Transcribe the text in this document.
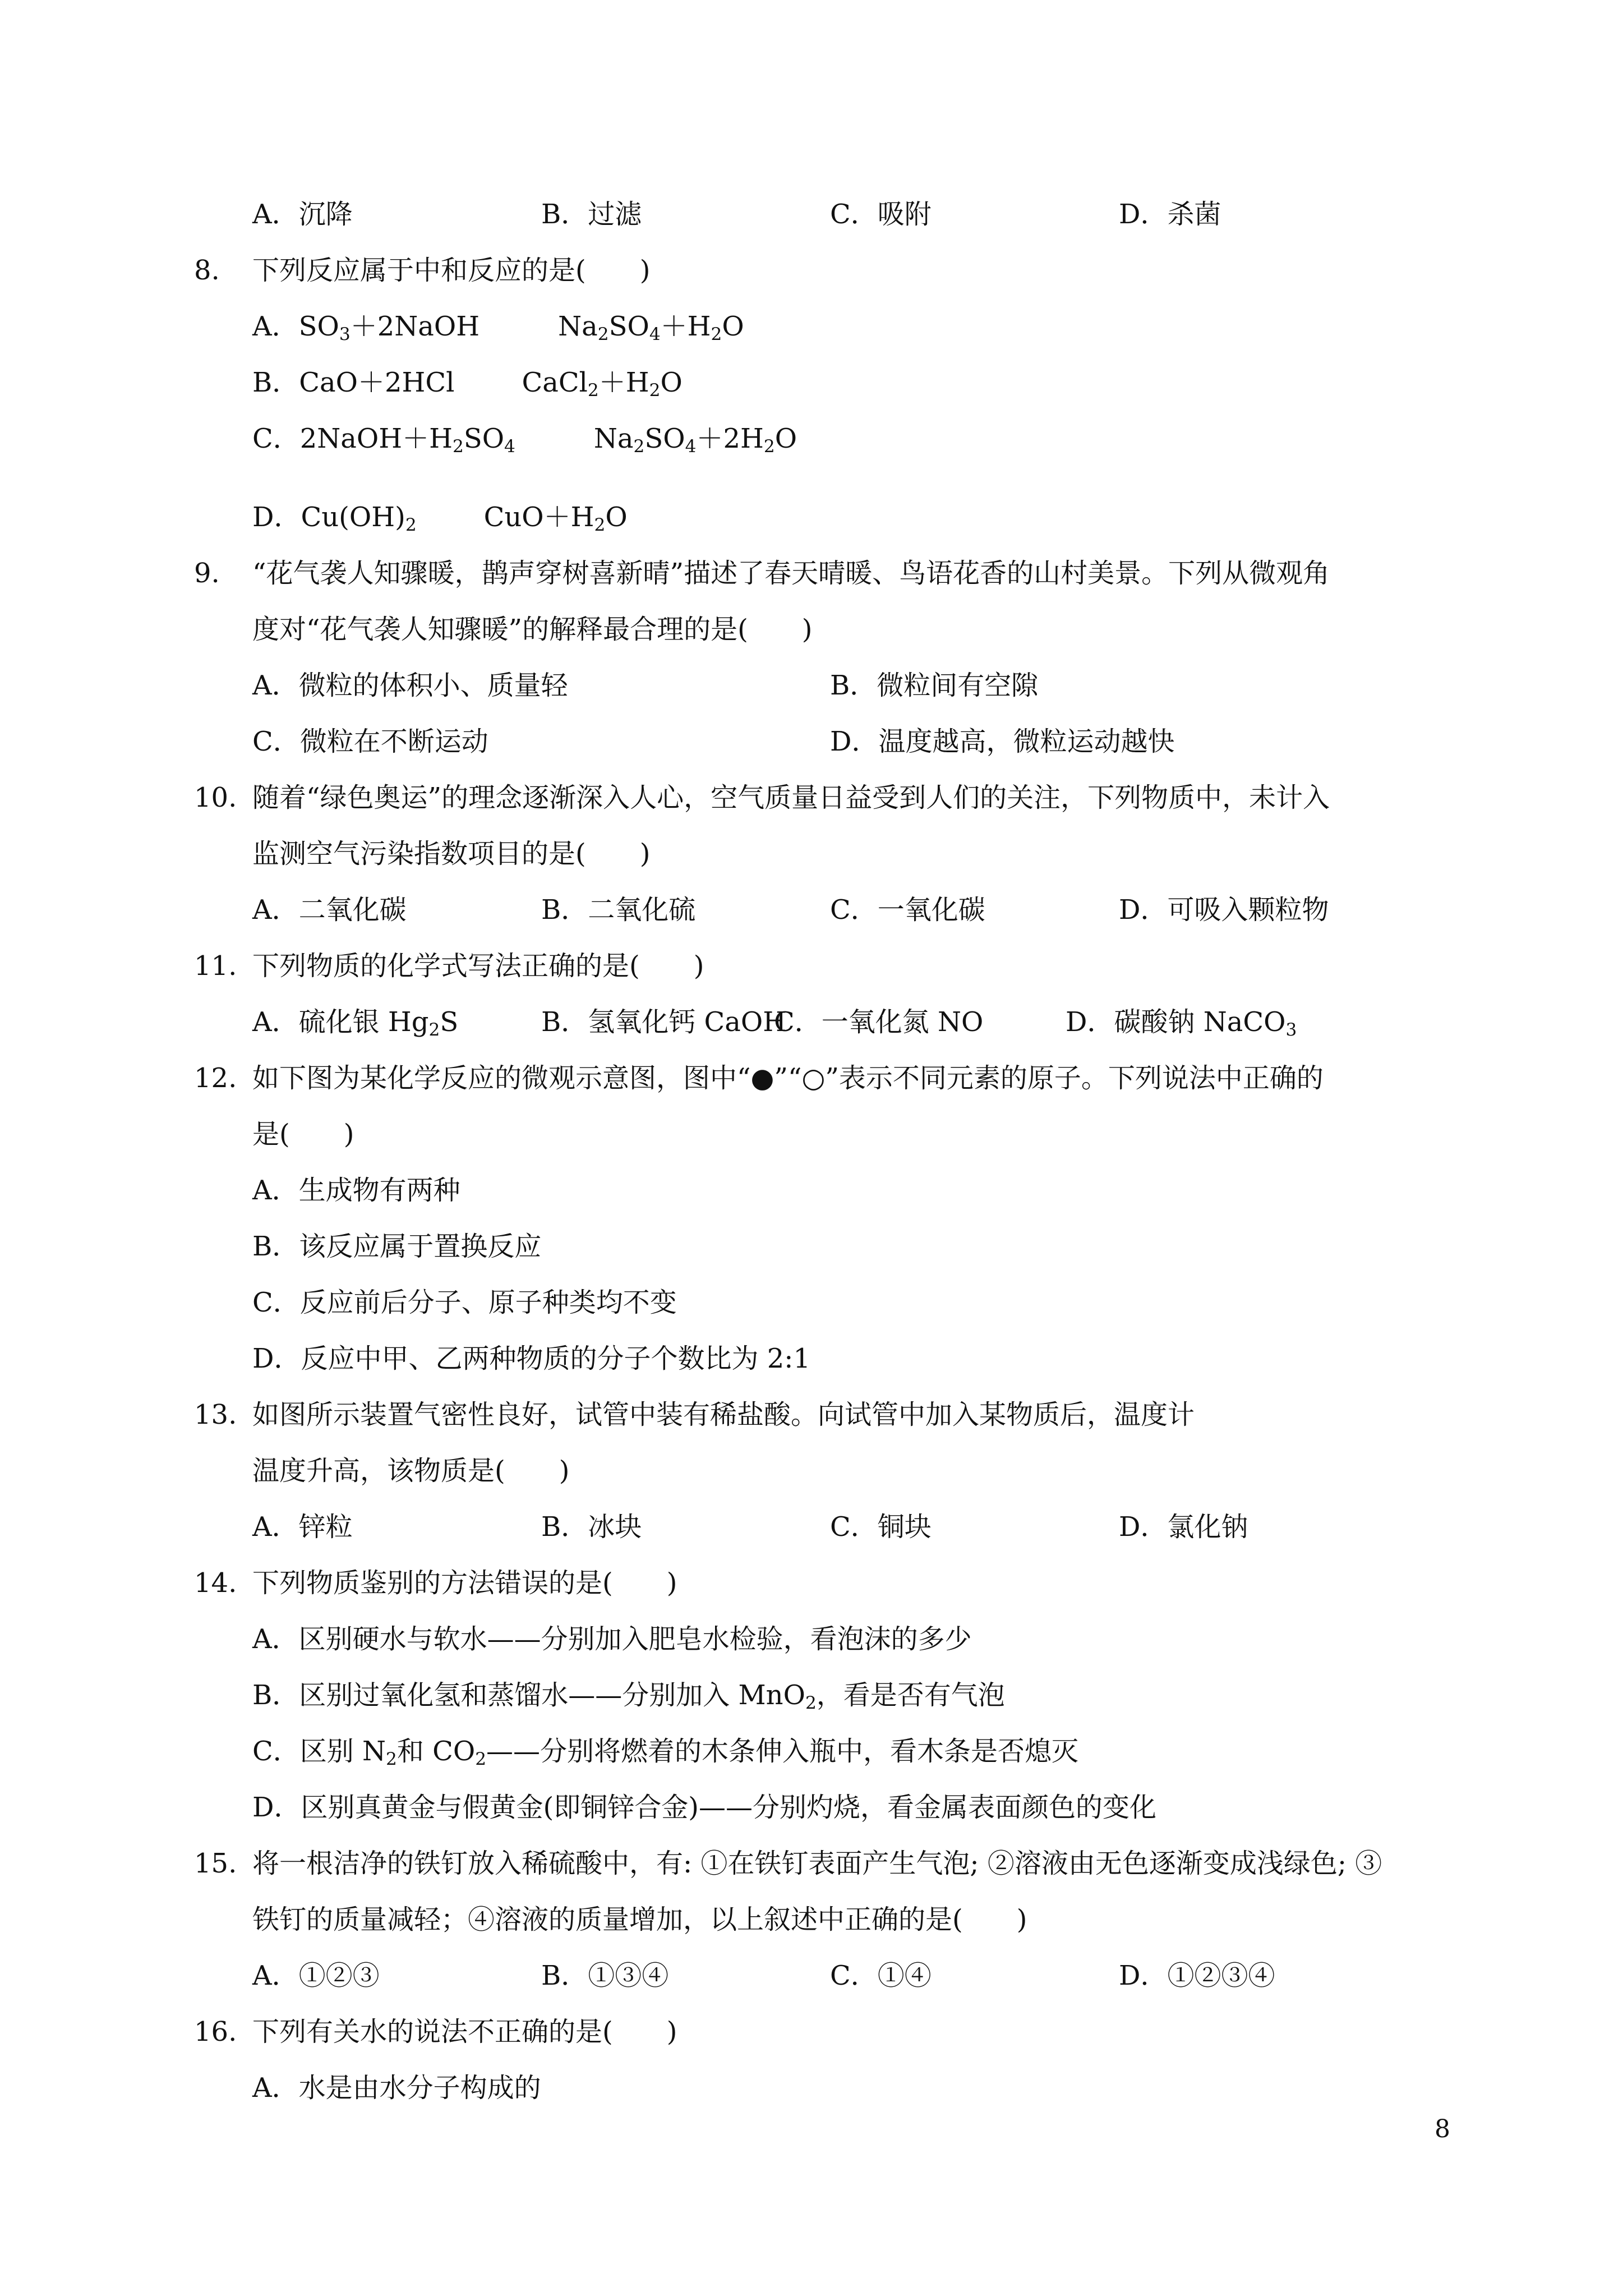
A．沉降	B．过滤	C．吸附	D．杀菌
8. 下列反应属于中和反应的是(　　)
A．$SO_3+2NaOH$	$Na_2SO_4+H_2O$
B．CaO＋2HCl	$CaCl_2+H_2O$
C．$2NaOH+H_2SO_4$	$Na_2SO_4+2H_2O$
D．$Cu(OH)_2$	$CuO+H_2O$
9. “花气袭人知骤暖，鹊声穿树喜新晴”描述了春天晴暖、鸟语花香的山村美景。下列从微观角
度对“花气袭人知骤暖”的解释最合理的是(　　)
A．微粒的体积小、质量轻	B．微粒间有空隙
C．微粒在不断运动	D．温度越高，微粒运动越快
10. 随着“绿色奥运”的理念逐渐深入人心，空气质量日益受到人们的关注，下列物质中，未计入
监测空气污染指数项目的是(　　)
A．二氧化碳	B．二氧化硫	C．一氧化碳	D．可吸入颗粒物
11. 下列物质的化学式写法正确的是(　　)
A．硫化银 $Hg_2S$	B．氢氧化钙 CaOH
C．一氧化氮 NO	D．碳酸钠 NaCO$_3$
12. 如下图为某化学反应的微观示意图，图中“●”“○”表示不同元素的原子。下列说法中正确的
是(　　)
A．生成物有两种
B．该反应属于置换反应
C．反应前后分子、原子种类均不变
D．反应中甲、乙两种物质的分子个数比为 2:1
13. 如图所示装置气密性良好，试管中装有稀盐酸。向试管中加入某物质后，温度计
温度升高，该物质是(　　)
A．锌粒	B．冰块	C．铜块	D．氯化钠
14. 下列物质鉴别的方法错误的是(　　)
A．区别硬水与软水——分别加入肥皂水检验，看泡沫的多少
B．区别过氧化氢和蒸馏水——分别加入 MnO$_2$，看是否有气泡
C．区别 $N_2$和 $CO_2——$分别将燃着的木条伸入瓶中，看木条是否熄灭
D．区别真黄金与假黄金(即铜锌合金)——分别灼烧，看金属表面颜色的变化
15. 将一根洁净的铁钉放入稀硫酸中，有: ①在铁钉表面产生气泡; ②溶液由无色逐渐变成浅绿色; ③
铁钉的质量减轻；④溶液的质量增加，以上叙述中正确的是(　　)
A．①②③	B．①③④	C．①④	D．①②③④
16. 下列有关水的说法不正确的是(　　)
A．水是由水分子构成的
8
